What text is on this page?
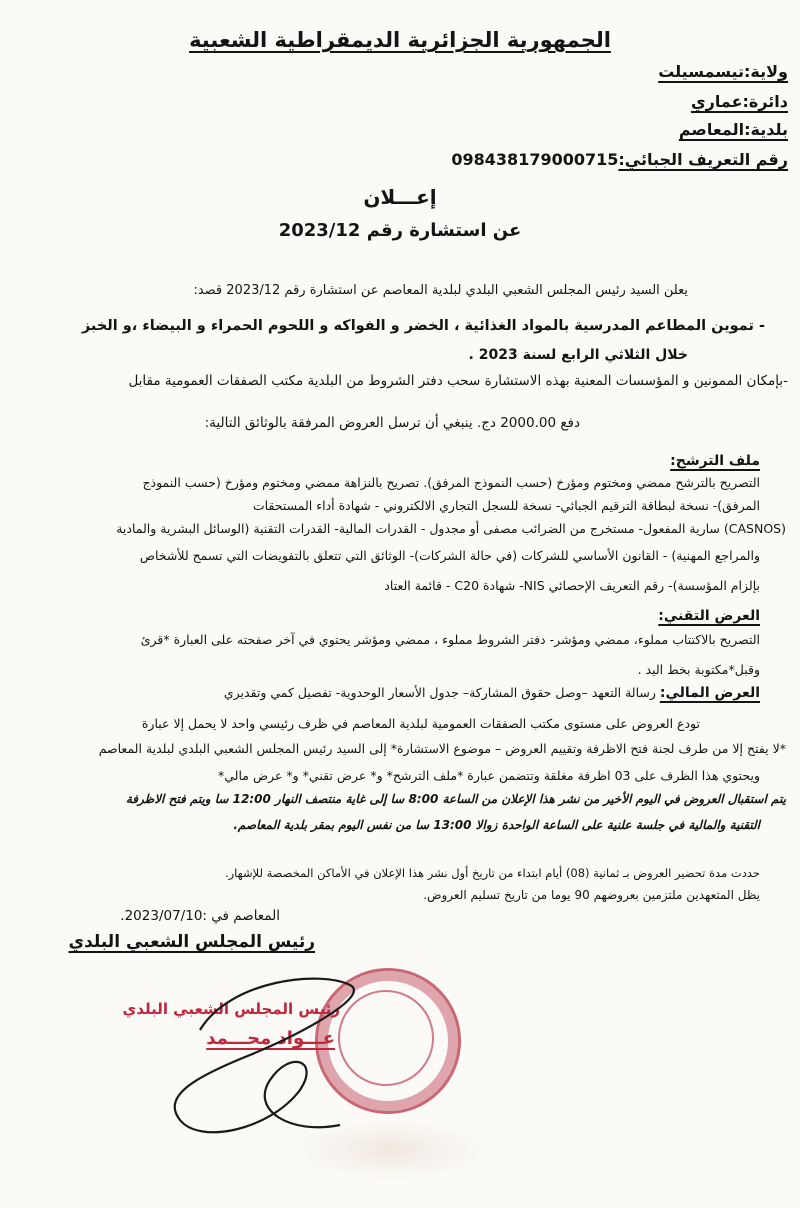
الجمهورية الجزائرية الديمقراطية الشعبية
ولاية:تيسمسيلت
دائرة:عماري
بلدية:المعاصم
رقم التعريف الجبائي:098438179000715
إعـــلان
عن استشارة رقم 2023/12
يعلن السيد رئيس المجلس الشعبي البلدي لبلدية المعاصم عن استشارة رقم 2023/12 قصد:
- تموين المطاعم المدرسية بالمواد الغذائية ، الخضر و الفواكه و اللحوم الحمراء و البيضاء ،و الخبز
خلال الثلاثي الرابع لسنة 2023 .
-بإمكان الممونين و المؤسسات المعنية بهذه الاستشارة سحب دفتر الشروط من البلدية مكتب الصفقات العمومية مقابل
دفع 2000.00 دج. ينبغي أن ترسل العروض المرفقة بالوثائق التالية:
ملف الترشح:
التصريح بالترشح ممضي ومختوم ومؤرخ (حسب النموذج المرفق). تصريح بالنزاهة ممضي ومختوم ومؤرخ (حسب النموذج
المرفق)- نسخة لبطاقة الترقيم الجبائي- نسخة للسجل التجاري الالكتروني - شهادة أداء المستحقات
(CASNOS) سارية المفعول- مستخرج من الضرائب مصفى أو مجدول - القدرات المالية- القدرات التقنية (الوسائل البشرية والمادية
والمراجع المهنية) - القانون الأساسي للشركات (في حالة الشركات)- الوثائق التي تتعلق بالتفويضات التي تسمح للأشخاص
بإلزام المؤسسة)- رقم التعريف الإحصائي NIS- شهادة C20 - قائمة العتاد
العرض التقني:
التصريح بالاكتتاب مملوء، ممضي ومؤشر- دفتر الشروط مملوء ، ممضي ومؤشر يحتوي في آخر صفحته على العبارة *قرئ
وقبل*مكتوبة بخط اليد .
العرض المالي: رسالة التعهد –وصل حقوق المشاركة– جدول الأسعار الوحدوية- تفصيل كمي وتقديري
تودع العروض على مستوى مكتب الصفقات العمومية لبلدية المعاصم في ظرف رئيسي واحد لا يحمل إلا عبارة
*لا يفتح إلا من طرف لجنة فتح الاظرفة وتقييم العروض – موضوع الاستشارة* إلى السيد رئيس المجلس الشعبي البلدي لبلدية المعاصم
ويحتوي هذا الظرف على 03 اظرفة مغلقة وتتضمن عبارة *ملف الترشح* و* عرض تقني* و* عرض مالي*
يتم استقبال العروض في اليوم الأخير من نشر هذا الإعلان من الساعة 8:00 سا إلى غاية منتصف النهار 12:00 سا ويتم فتح الاظرفة
التقنية والمالية في جلسة علنية على الساعة الواحدة زوالا 13:00 سا من نفس اليوم بمقر بلدية المعاصم.
حددت مدة تحضير العروض بـ ثمانية (08) أيام ابتداء من تاريخ أول نشر هذا الإعلان في الأماكن المخصصة للإشهار.
يظل المتعهدين ملتزمين بعروضهم 90 يوما من تاريخ تسليم العروض.
المعاصم في :2023/07/10.
رئيس المجلس الشعبي البلدي
رئيس المجلس الشعبي البلدي
عـــواد محـــمد
